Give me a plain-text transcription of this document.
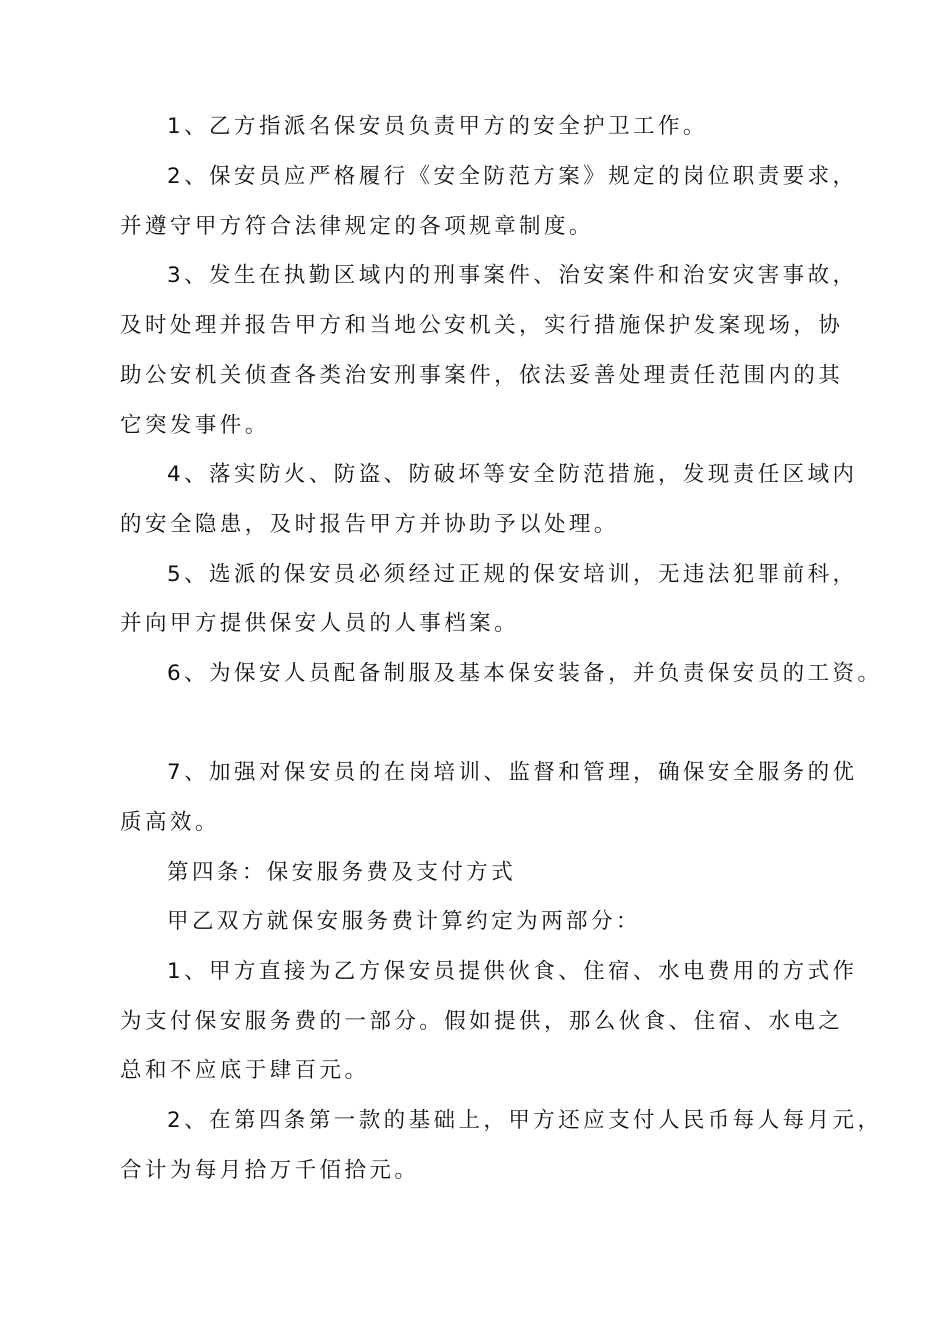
1、乙方指派名保安员负责甲方的安全护卫工作。
2、保安员应严格履行《安全防范方案》规定的岗位职责要求，
并遵守甲方符合法律规定的各项规章制度。
3、发生在执勤区域内的刑事案件、治安案件和治安灾害事故，
及时处理并报告甲方和当地公安机关，实行措施保护发案现场，协
助公安机关侦查各类治安刑事案件，依法妥善处理责任范围内的其
它突发事件。
4、落实防火、防盗、防破坏等安全防范措施，发现责任区域内
的安全隐患，及时报告甲方并协助予以处理。
5、选派的保安员必须经过正规的保安培训，无违法犯罪前科，
并向甲方提供保安人员的人事档案。
6、为保安人员配备制服及基本保安装备，并负责保安员的工资。
7、加强对保安员的在岗培训、监督和管理，确保安全服务的优
质高效。
第四条：保安服务费及支付方式
甲乙双方就保安服务费计算约定为两部分：
1、甲方直接为乙方保安员提供伙食、住宿、水电费用的方式作
为支付保安服务费的一部分。假如提供，那么伙食、住宿、水电之
总和不应底于肆百元。
2、在第四条第一款的基础上，甲方还应支付人民币每人每月元，
合计为每月拾万千佰拾元。
